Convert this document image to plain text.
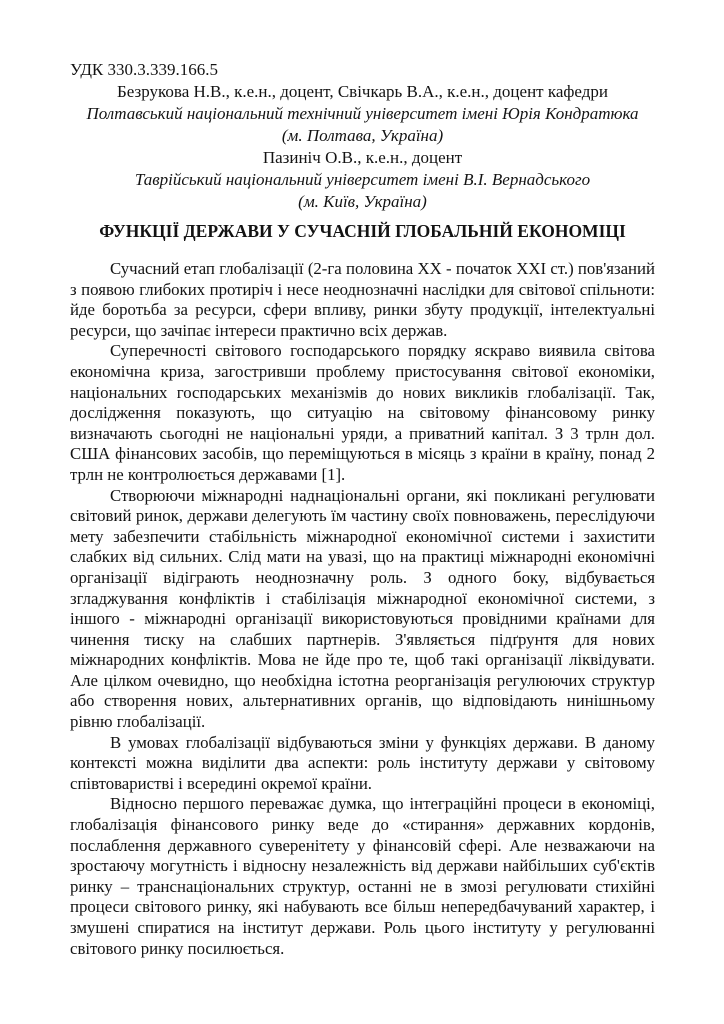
УДК 330.3.339.166.5
Безрукова Н.В., к.е.н., доцент, Свічкарь В.А., к.е.н., доцент кафедри
Полтавський національний технічний університет імені Юрія Кондратюка
(м. Полтава, Україна)
Пазиніч О.В., к.е.н., доцент
Таврійський національний університет імені В.І. Вернадського
(м. Київ, Україна)
ФУНКЦІЇ ДЕРЖАВИ У СУЧАСНІЙ ГЛОБАЛЬНІЙ ЕКОНОМІЦІ

Сучасний етап глобалізації (2-га половина XX - початок XXI ст.) пов'язаний з появою глибоких протиріч і несе неоднозначні наслідки для світової спільноти: йде боротьба за ресурси, сфери впливу, ринки збуту продукції, інтелектуальні ресурси, що зачіпає інтереси практично всіх держав.

Суперечності світового господарського порядку яскраво виявила світова економічна криза, загостривши проблему пристосування світової економіки, національних господарських механізмів до нових викликів глобалізації. Так, дослідження показують, що ситуацію на світовому фінансовому ринку визначають сьогодні не національні уряди, а приватний капітал. З 3 трлн дол. США фінансових засобів, що переміщуються в місяць з країни в країну, понад 2 трлн не контролюється державами [1].

Створюючи міжнародні наднаціональні органи, які покликані регулювати світовий ринок, держави делегують їм частину своїх повноважень, переслідуючи мету забезпечити стабільність міжнародної економічної системи і захистити слабких від сильних. Слід мати на увазі, що на практиці міжнародні економічні організації відіграють неоднозначну роль. З одного боку, відбувається згладжування конфліктів і стабілізація міжнародної економічної системи, з іншого - міжнародні організації використовуються провідними країнами для чинення тиску на слабших партнерів. З'являється підґрунтя для нових міжнародних конфліктів. Мова не йде про те, щоб такі організації ліквідувати. Але цілком очевидно, що необхідна істотна реорганізація регулюючих структур або створення нових, альтернативних органів, що відповідають нинішньому рівню глобалізації.

В умовах глобалізації відбуваються зміни у функціях держави. В даному контексті можна виділити два аспекти: роль інституту держави у світовому співтоваристві і всередині окремої країни.

Відносно першого переважає думка, що інтеграційні процеси в економіці, глобалізація фінансового ринку веде до «стирання» державних кордонів, послаблення державного суверенітету у фінансовій сфері. Але незважаючи на зростаючу могутність і відносну незалежність від держави найбільших суб'єктів ринку – транснаціональних структур, останні не в змозі регулювати стихійні процеси світового ринку, які набувають все більш непередбачуваний характер, і змушені спиратися на інститут держави. Роль цього інституту у регулюванні світового ринку посилюється.
